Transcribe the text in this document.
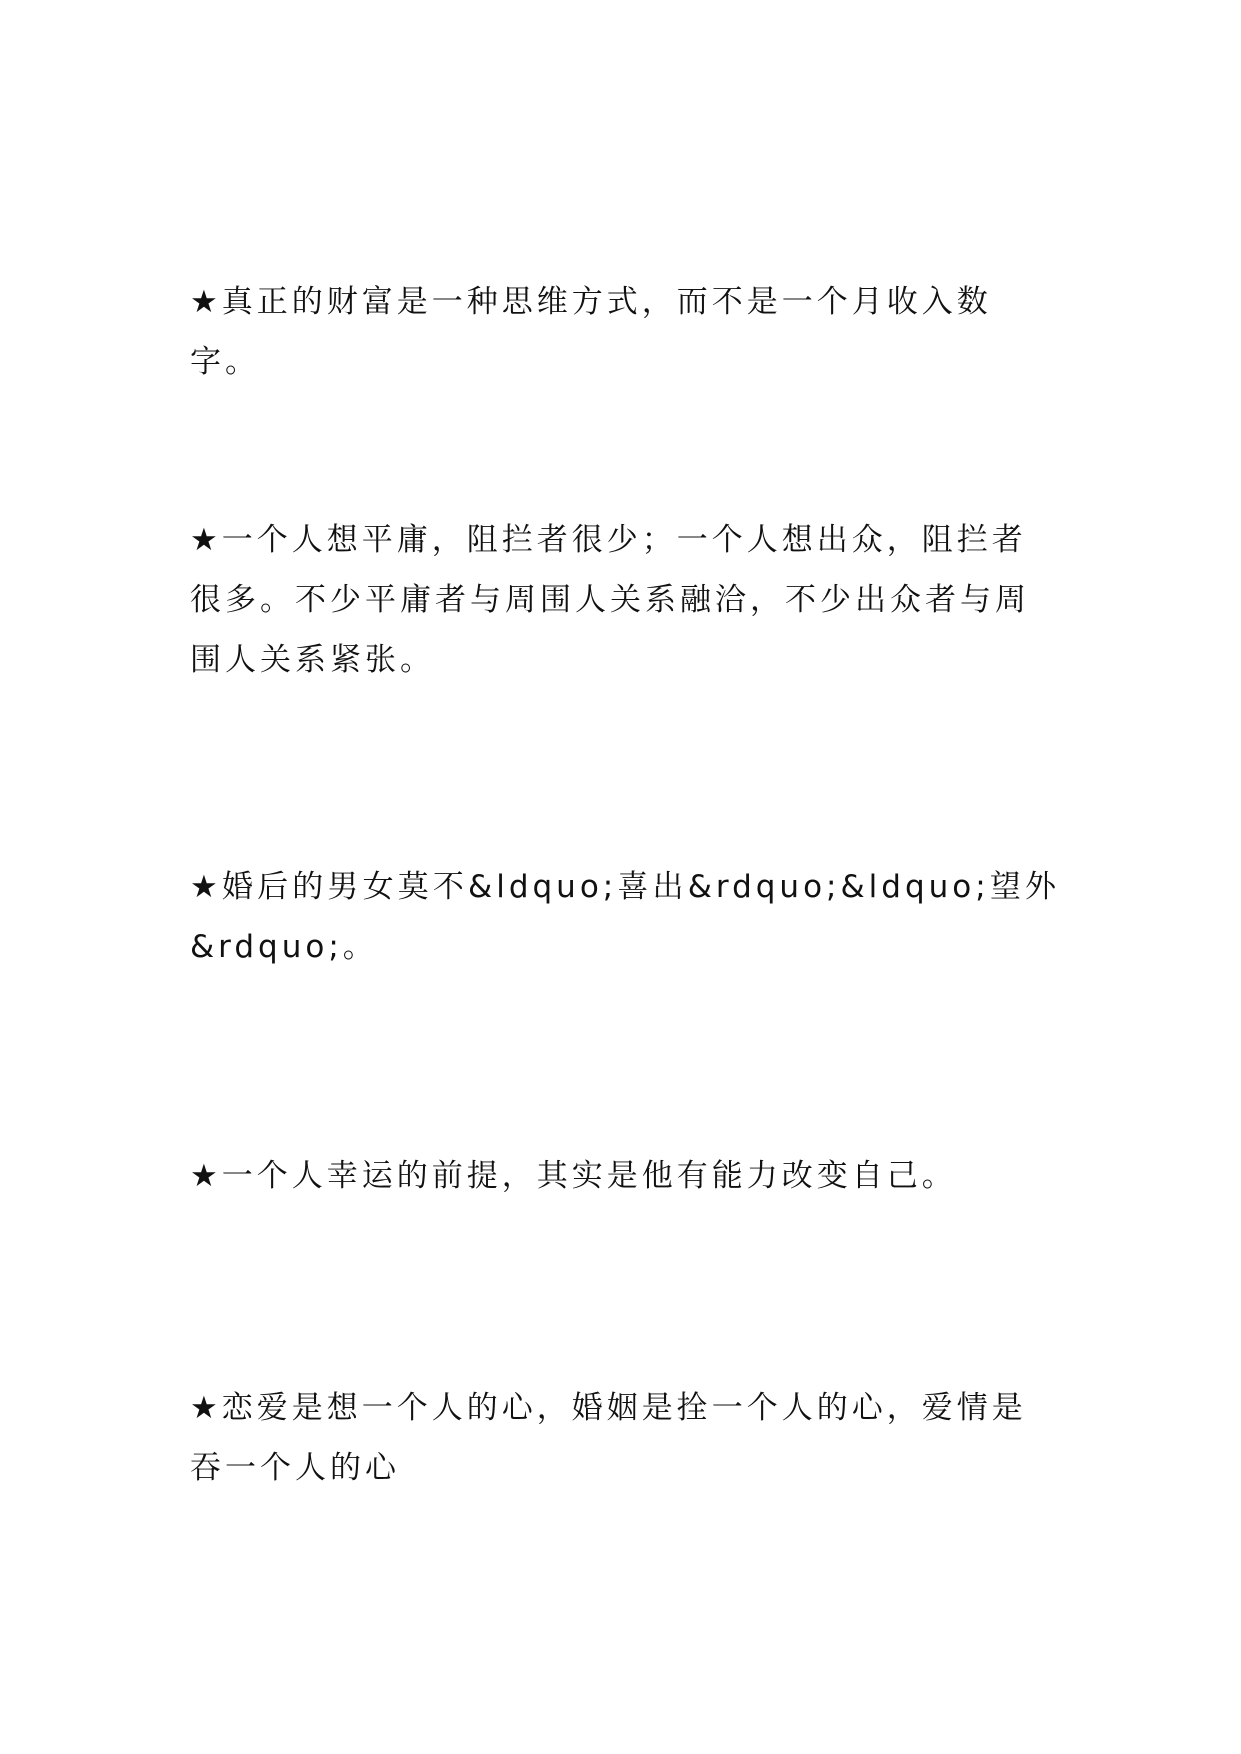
★真正的财富是一种思维方式，而不是一个月收入数字。

★一个人想平庸，阻拦者很少；一个人想出众，阻拦者很多。不少平庸者与周围人关系融洽，不少出众者与周围人关系紧张。

★婚后的男女莫不&ldquo;喜出&rdquo;&ldquo;望外&rdquo;。

★一个人幸运的前提，其实是他有能力改变自己。

★恋爱是想一个人的心，婚姻是拴一个人的心，爱情是吞一个人的心
